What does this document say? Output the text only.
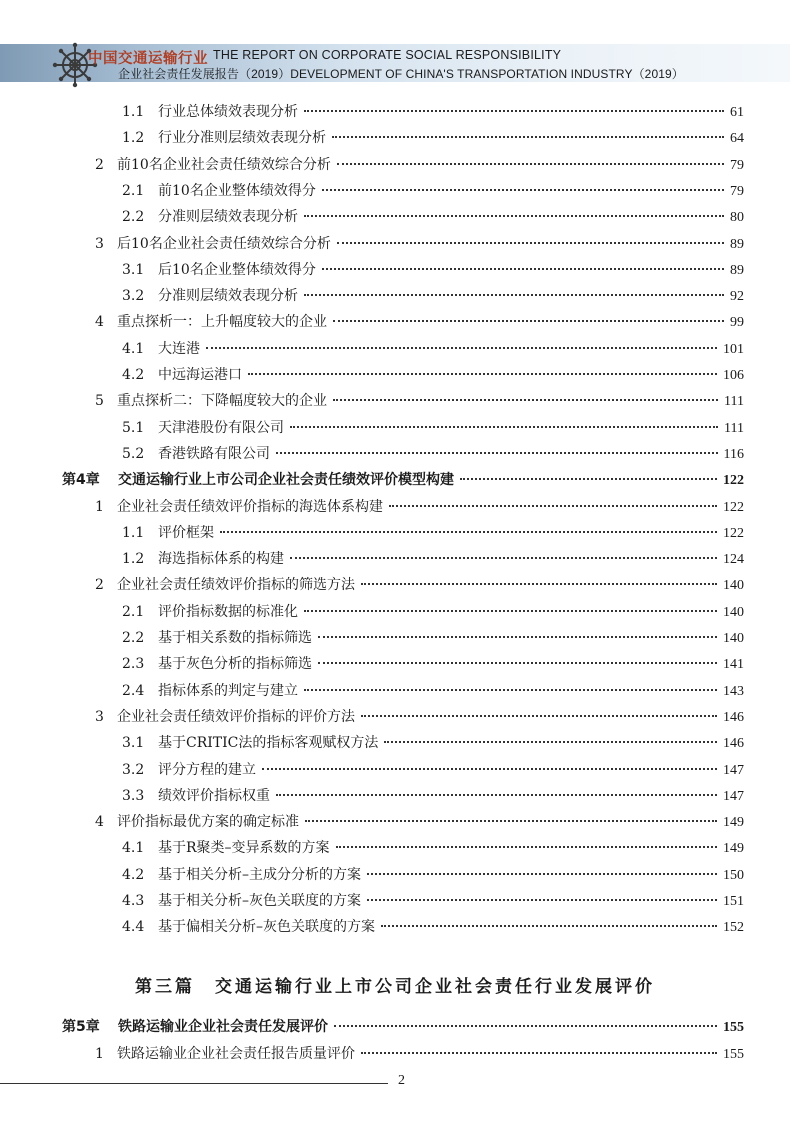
中国交通运输行业 THE REPORT ON CORPORATE SOCIAL RESPONSIBILITY
企业社会责任发展报告（2019）DEVELOPMENT OF CHINA'S TRANSPORTATION INDUSTRY（2019）
1.1 行业总体绩效表现分析	61
1.2 行业分准则层绩效表现分析	64
2 前10名企业社会责任绩效综合分析	79
2.1 前10名企业整体绩效得分	79
2.2 分准则层绩效表现分析	80
3 后10名企业社会责任绩效综合分析	89
3.1 后10名企业整体绩效得分	89
3.2 分准则层绩效表现分析	92
4 重点探析一：上升幅度较大的企业	99
4.1 大连港	101
4.2 中远海运港口	106
5 重点探析二：下降幅度较大的企业	111
5.1 天津港股份有限公司	111
5.2 香港铁路有限公司	116
第4章	交通运输行业上市公司企业社会责任绩效评价模型构建	122
1 企业社会责任绩效评价指标的海选体系构建	122
1.1 评价框架	122
1.2 海选指标体系的构建	124
2 企业社会责任绩效评价指标的筛选方法	140
2.1 评价指标数据的标准化	140
2.2 基于相关系数的指标筛选	140
2.3 基于灰色分析的指标筛选	141
2.4 指标体系的判定与建立	143
3 企业社会责任绩效评价指标的评价方法	146
3.1 基于CRITIC法的指标客观赋权方法	146
3.2 评分方程的建立	147
3.3 绩效评价指标权重	147
4 评价指标最优方案的确定标准	149
4.1 基于R聚类–变异系数的方案	149
4.2 基于相关分析–主成分分析的方案	150
4.3 基于相关分析–灰色关联度的方案	151
4.4 基于偏相关分析–灰色关联度的方案	152
第三篇　交通运输行业上市公司企业社会责任行业发展评价
第5章	铁路运输业企业社会责任发展评价	155
1 铁路运输业企业社会责任报告质量评价	155
2
